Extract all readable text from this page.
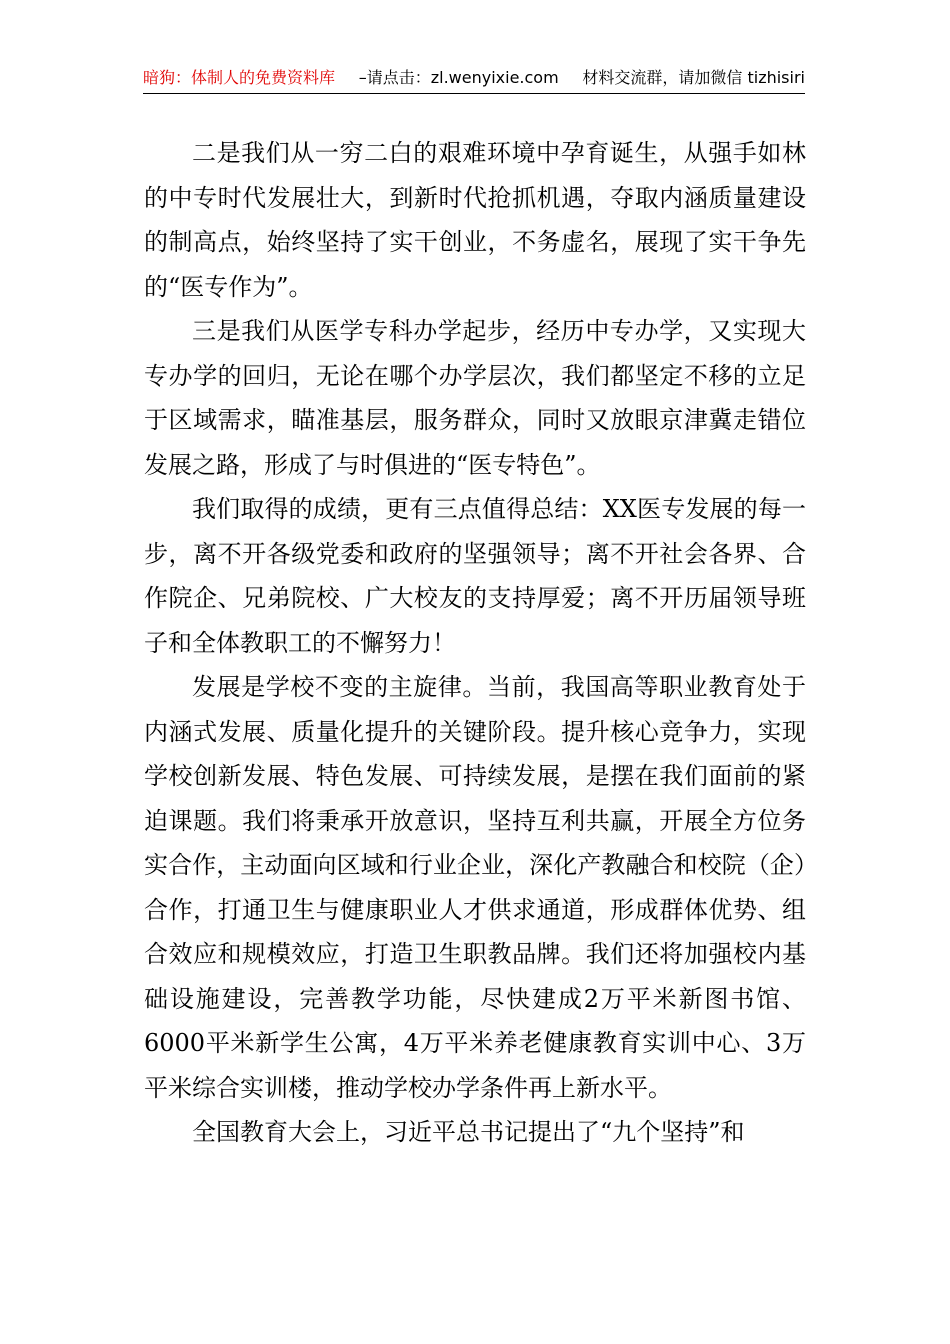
暗狗：体制人的免费资料库 –请点击：zl.wenyixie.com 材料交流群，请加微信 tizhisiri

二是我们从一穷二白的艰难环境中孕育诞生，从强手如林的中专时代发展壮大，到新时代抢抓机遇，夺取内涵质量建设的制高点，始终坚持了实干创业，不务虚名，展现了实干争先的“医专作为”。

三是我们从医学专科办学起步，经历中专办学，又实现大专办学的回归，无论在哪个办学层次，我们都坚定不移的立足于区域需求，瞄准基层，服务群众，同时又放眼京津冀走错位发展之路，形成了与时俱进的“医专特色”。

我们取得的成绩，更有三点值得总结：XX医专发展的每一步，离不开各级党委和政府的坚强领导；离不开社会各界、合作院企、兄弟院校、广大校友的支持厚爱；离不开历届领导班子和全体教职工的不懈努力！

发展是学校不变的主旋律。当前，我国高等职业教育处于内涵式发展、质量化提升的关键阶段。提升核心竞争力，实现学校创新发展、特色发展、可持续发展，是摆在我们面前的紧迫课题。我们将秉承开放意识，坚持互利共赢，开展全方位务实合作，主动面向区域和行业企业，深化产教融合和校院（企）合作，打通卫生与健康职业人才供求通道，形成群体优势、组合效应和规模效应，打造卫生职教品牌。我们还将加强校内基础设施建设，完善教学功能，尽快建成2万平米新图书馆、6000平米新学生公寓，4万平米养老健康教育实训中心、3万平米综合实训楼，推动学校办学条件再上新水平。

全国教育大会上，习近平总书记提出了“九个坚持”和
